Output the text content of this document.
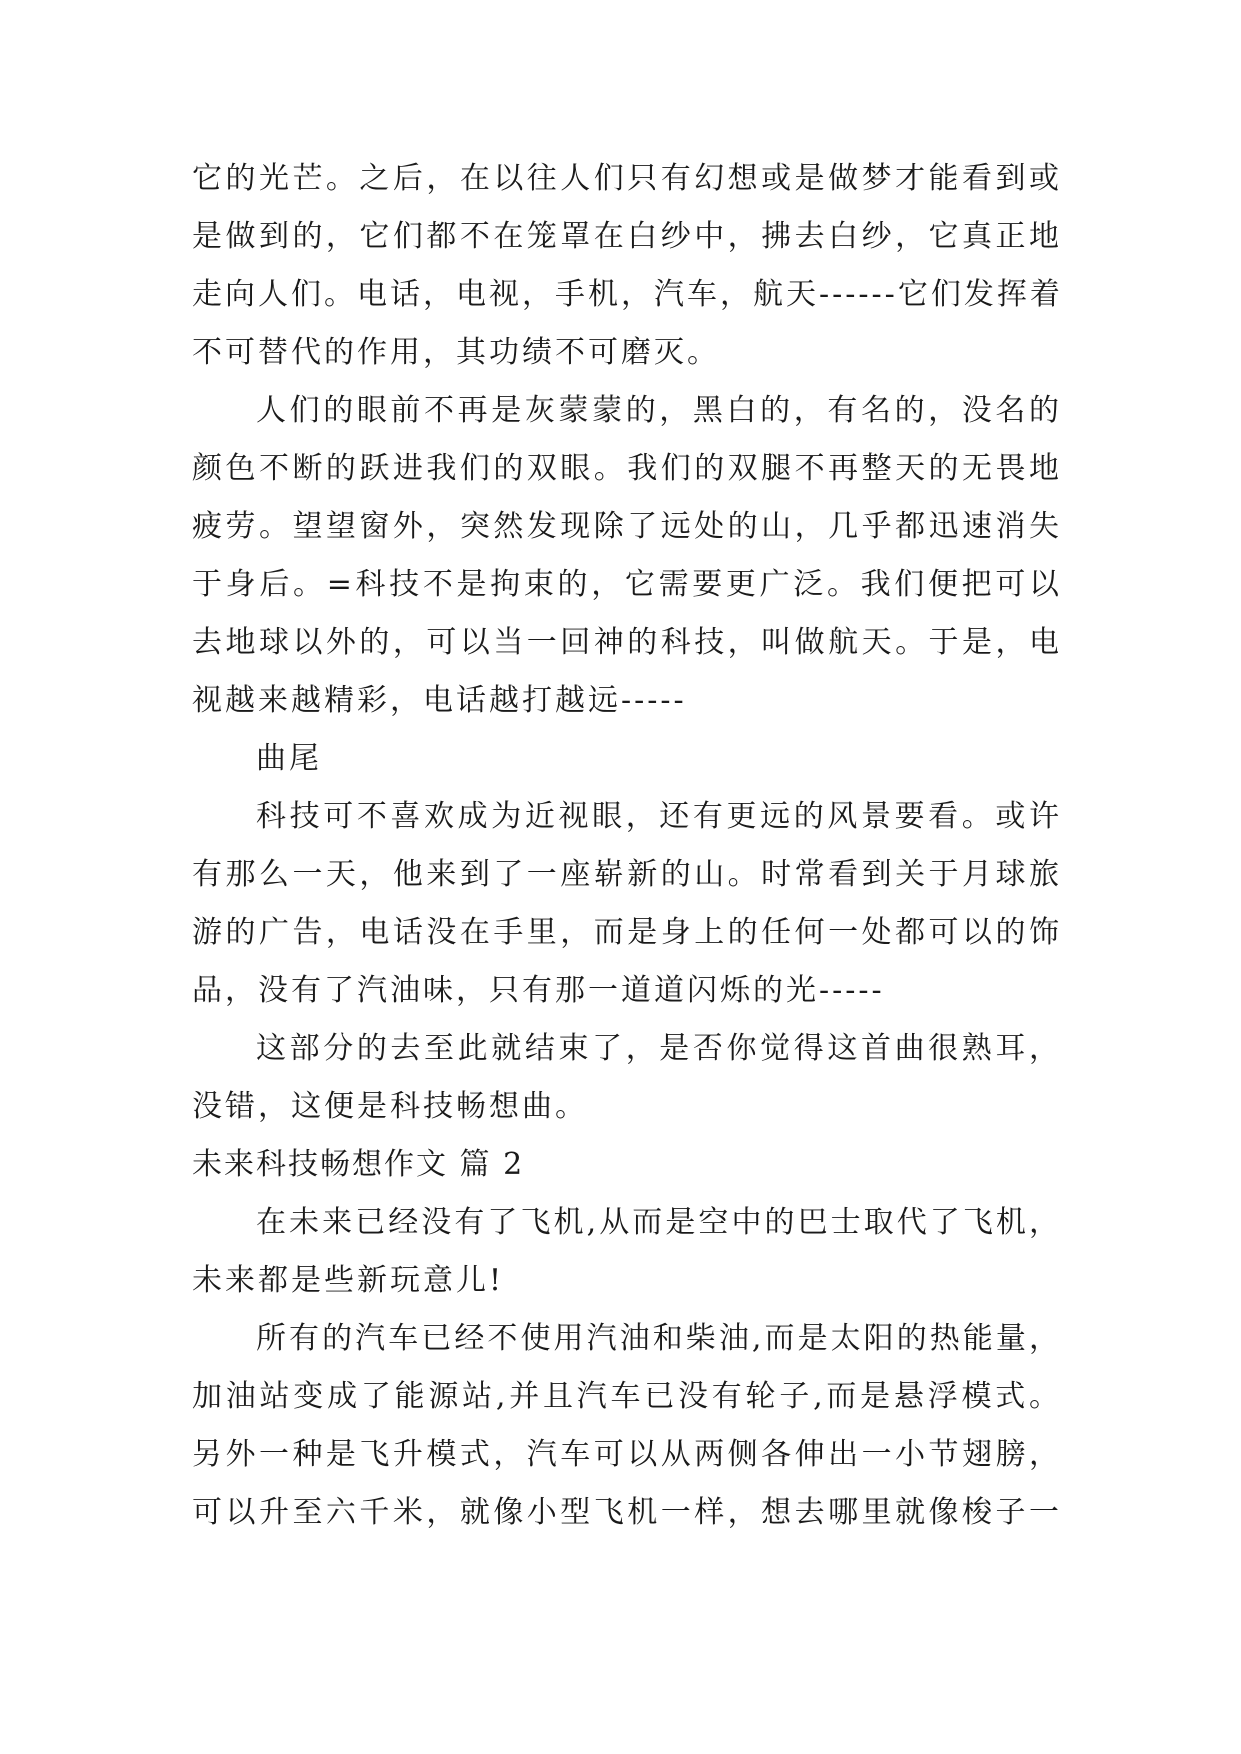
它的光芒。之后，在以往人们只有幻想或是做梦才能看到或
是做到的，它们都不在笼罩在白纱中，拂去白纱，它真正地
走向人们。电话，电视，手机，汽车，航天------它们发挥着
不可替代的作用，其功绩不可磨灭。
人们的眼前不再是灰蒙蒙的，黑白的，有名的，没名的
颜色不断的跃进我们的双眼。我们的双腿不再整天的无畏地
疲劳。望望窗外，突然发现除了远处的山，几乎都迅速消失
于身后。=科技不是拘束的，它需要更广泛。我们便把可以
去地球以外的，可以当一回神的科技，叫做航天。于是，电
视越来越精彩，电话越打越远-----
曲尾
科技可不喜欢成为近视眼，还有更远的风景要看。或许
有那么一天，他来到了一座崭新的山。时常看到关于月球旅
游的广告，电话没在手里，而是身上的任何一处都可以的饰
品，没有了汽油味，只有那一道道闪烁的光-----
这部分的去至此就结束了，是否你觉得这首曲很熟耳，
没错，这便是科技畅想曲。
未来科技畅想作文 篇 2
在未来已经没有了飞机,从而是空中的巴士取代了飞机，
未来都是些新玩意儿!
所有的汽车已经不使用汽油和柴油,而是太阳的热能量，
加油站变成了能源站,并且汽车已没有轮子,而是悬浮模式。
另外一种是飞升模式，汽车可以从两侧各伸出一小节翅膀，
可以升至六千米，就像小型飞机一样，想去哪里就像梭子一
